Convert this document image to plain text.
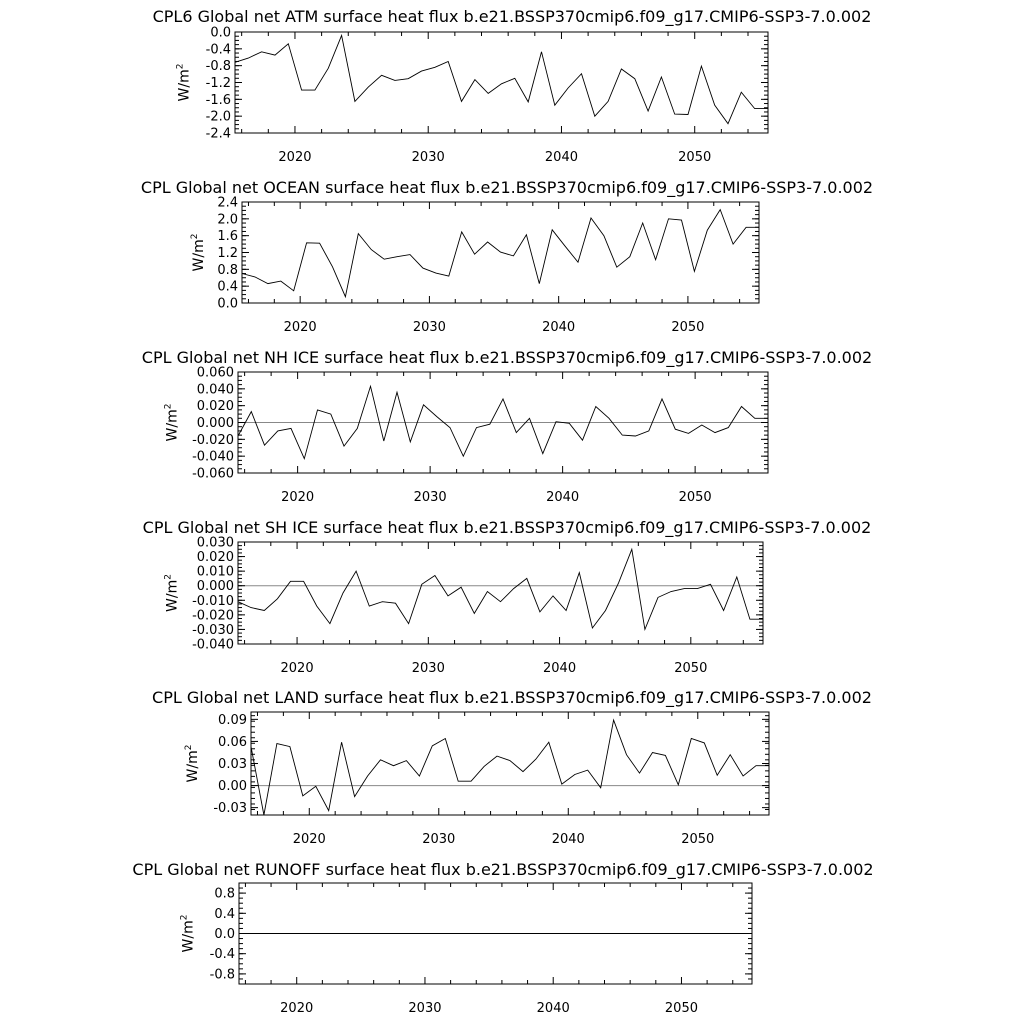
CPL6 Global net ATM surface heat flux b.e21.BSSP370cmip6.f09_g17.CMIP6-SSP3-7.0.002
0.0
-0.4
-0.8
-1.2
-1.6
-2.0
-2.4
2020	2030	2040	2050
$W/m^2$
CPL Global net OCEAN surface heat flux b.e21.BSSP370cmip6.f09_g17.CMIP6-SSP3-7.0.002
2.4
2.0
1.6
1.2
0.8
0.4
0.0
2020	2030	2040	2050
$W/m^2$
CPL Global net NH ICE surface heat flux b.e21.BSSP370cmip6.f09_g17.CMIP6-SSP3-7.0.002
0.060
0.040
0.020
0.000
-0.020
-0.040
-0.060
2020	2030	2040	2050
$W/m^2$
CPL Global net SH ICE surface heat flux b.e21.BSSP370cmip6.f09_g17.CMIP6-SSP3-7.0.002
0.030
0.020
0.010
0.000
-0.010
-0.020
-0.030
-0.040
2020	2030	2040	2050
$W/m^2$
CPL Global net LAND surface heat flux b.e21.BSSP370cmip6.f09_g17.CMIP6-SSP3-7.0.002
0.09
0.06
0.03
0.00
-0.03
2020	2030	2040	2050
$W/m^2$
CPL Global net RUNOFF surface heat flux b.e21.BSSP370cmip6.f09_g17.CMIP6-SSP3-7.0.002
0.8
0.4
0.0
-0.4
-0.8
2020	2030	2040	2050
$W/m^2$
